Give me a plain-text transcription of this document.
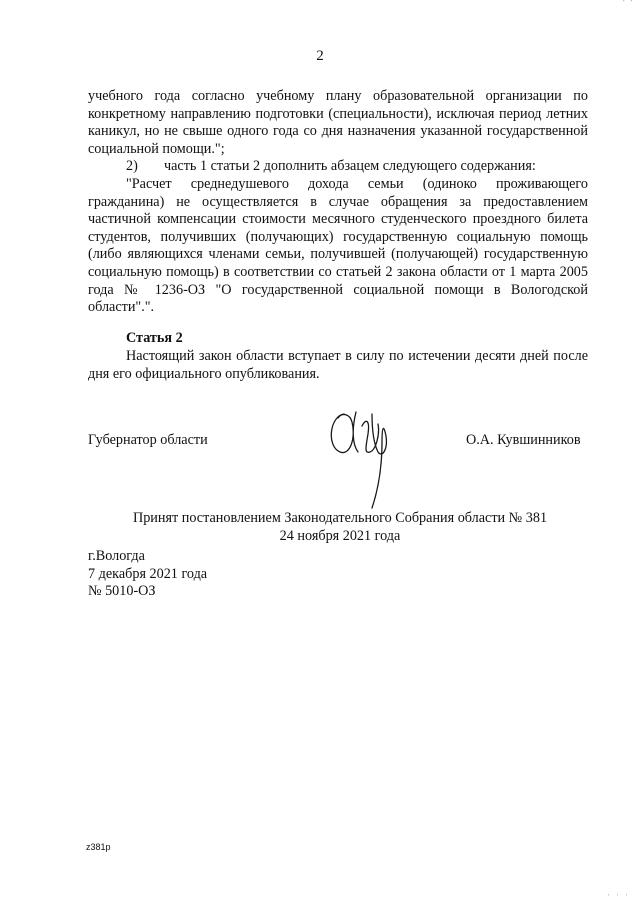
' '
2

учебного года согласно учебному плану образовательной организации по конкретному направлению подготовки (специальности), исключая период летних каникул, но не свыше одного года со дня назначения указанной государственной социальной помощи.";

2) часть 1 статьи 2 дополнить абзацем следующего содержания:

"Расчет среднедушевого дохода семьи (одиноко проживающего гражданина) не осуществляется в случае обращения за предоставлением частичной компенсации стоимости месячного студенческого проездного билета студентов, получивших (получающих) государственную социальную помощь (либо являющихся членами семьи, получившей (получающей) государственную социальную помощь) в соответствии со статьей 2 закона области от 1 марта 2005 года № 1236-ОЗ "О государственной социальной помощи в Вологодской области".".

Статья 2

Настоящий закон области вступает в силу по истечении десяти дней после дня его официального опубликования.

Губернатор области	О.А. Кувшинников
Принят постановлением Законодательного Собрания области № 381
24 ноября 2021 года
г.Вологда
7 декабря 2021 года
№ 5010-ОЗ
z381p
' ' '
